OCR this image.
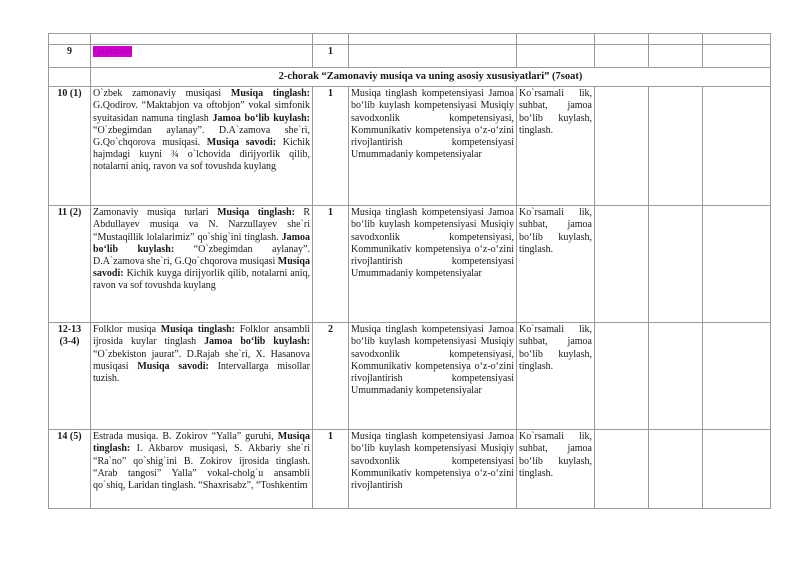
9	Qaytarish	1					
	2-chorak “Zamonaviy musiqa va uning asosiy xususiyatlari” (7soat)						
10 (1)	O`zbek zamonaviy musiqasi Musiqa tinglash: G.Qodirov. “Maktabjon va oftobjon” vokal simfonik syuitasidan namuna tinglash Jamoa bo‘lib kuylash: “O`zbegimdan aylanay”. D.A`zamova she`ri, G.Qo`chqorova musiqasi. Musiqa savodi: Kichik hajmdagi kuyni ¾ o`lchovida dirijyorlik qilib, notalarni aniq, ravon va sof tovushda kuylang	1	Musiqa tinglash kompetensiyasi Jamoa bo‘lib kuylash kompetensiyasi Musiqiy savodxonlik kompetensiyasi, Kommunikativ kompetensiya o‘z-o‘zini rivojlantirish kompetensiyasi Umummadaniy kompetensiyalar	Ko`rsamali lik, suhbat, jamoa bo‘lib kuylash, tinglash.			
11 (2)	Zamonaviy musiqa turlari Musiqa tinglash: R Abdullayev musiqa va N. Narzullayev she`ri “Mustaqillik lolalarimiz” qo`shig`ini tinglash. Jamoa bo‘lib kuylash: “O`zbegimdan aylanay”. D.A`zamova she`ri, G.Qo`chqorova musiqasi Musiqa savodi: Kichik kuyga dirijyorlik qilib, notalarni aniq, ravon va sof tovushda kuylang	1	Musiqa tinglash kompetensiyasi Jamoa bo‘lib kuylash kompetensiyasi Musiqiy savodxonlik kompetensiyasi, Kommunikativ kompetensiya o‘z-o‘zini rivojlantirish kompetensiyasi Umummadaniy kompetensiyalar	Ko`rsamali lik, suhbat, jamoa bo‘lib kuylash, tinglash.			
12-13 (3-4)	Folklor musiqa Musiqa tinglash: Folklor ansambli ijrosida kuylar tinglash Jamoa bo‘lib kuylash: “O`zbekiston jaurat”. D.Rajab she`ri, X. Hasanova musiqasi Musiqa savodi: Intervallarga misollar tuzish.	2	Musiqa tinglash kompetensiyasi Jamoa bo‘lib kuylash kompetensiyasi Musiqiy savodxonlik kompetensiyasi, Kommunikativ kompetensiya o‘z-o‘zini rivojlantirish kompetensiyasi Umummadaniy kompetensiyalar	Ko`rsamali lik, suhbat, jamoa bo‘lib kuylash, tinglash.			
14 (5)	Estrada musiqa. B. Zokirov “Yalla” guruhi, Musiqa tinglash: I. Akbarov musiqasi, S. Akbariy she`ri “Ra`no” qo`shig`ini B. Zokirov ijrosida tinglash. “Arab tangosi” Yalla” vokal-cholg`u ansambli qo`shiq, Laridan tinglash. “Shaxrisabz”, “Toshkentim	1	Musiqa tinglash kompetensiyasi Jamoa bo‘lib kuylash kompetensiyasi Musiqiy savodxonlik kompetensiyasi Kommunikativ kompetensiya o‘z-o‘zini rivojlantirish	Ko`rsamali lik, suhbat, jamoa bo‘lib kuylash, tinglash.			
